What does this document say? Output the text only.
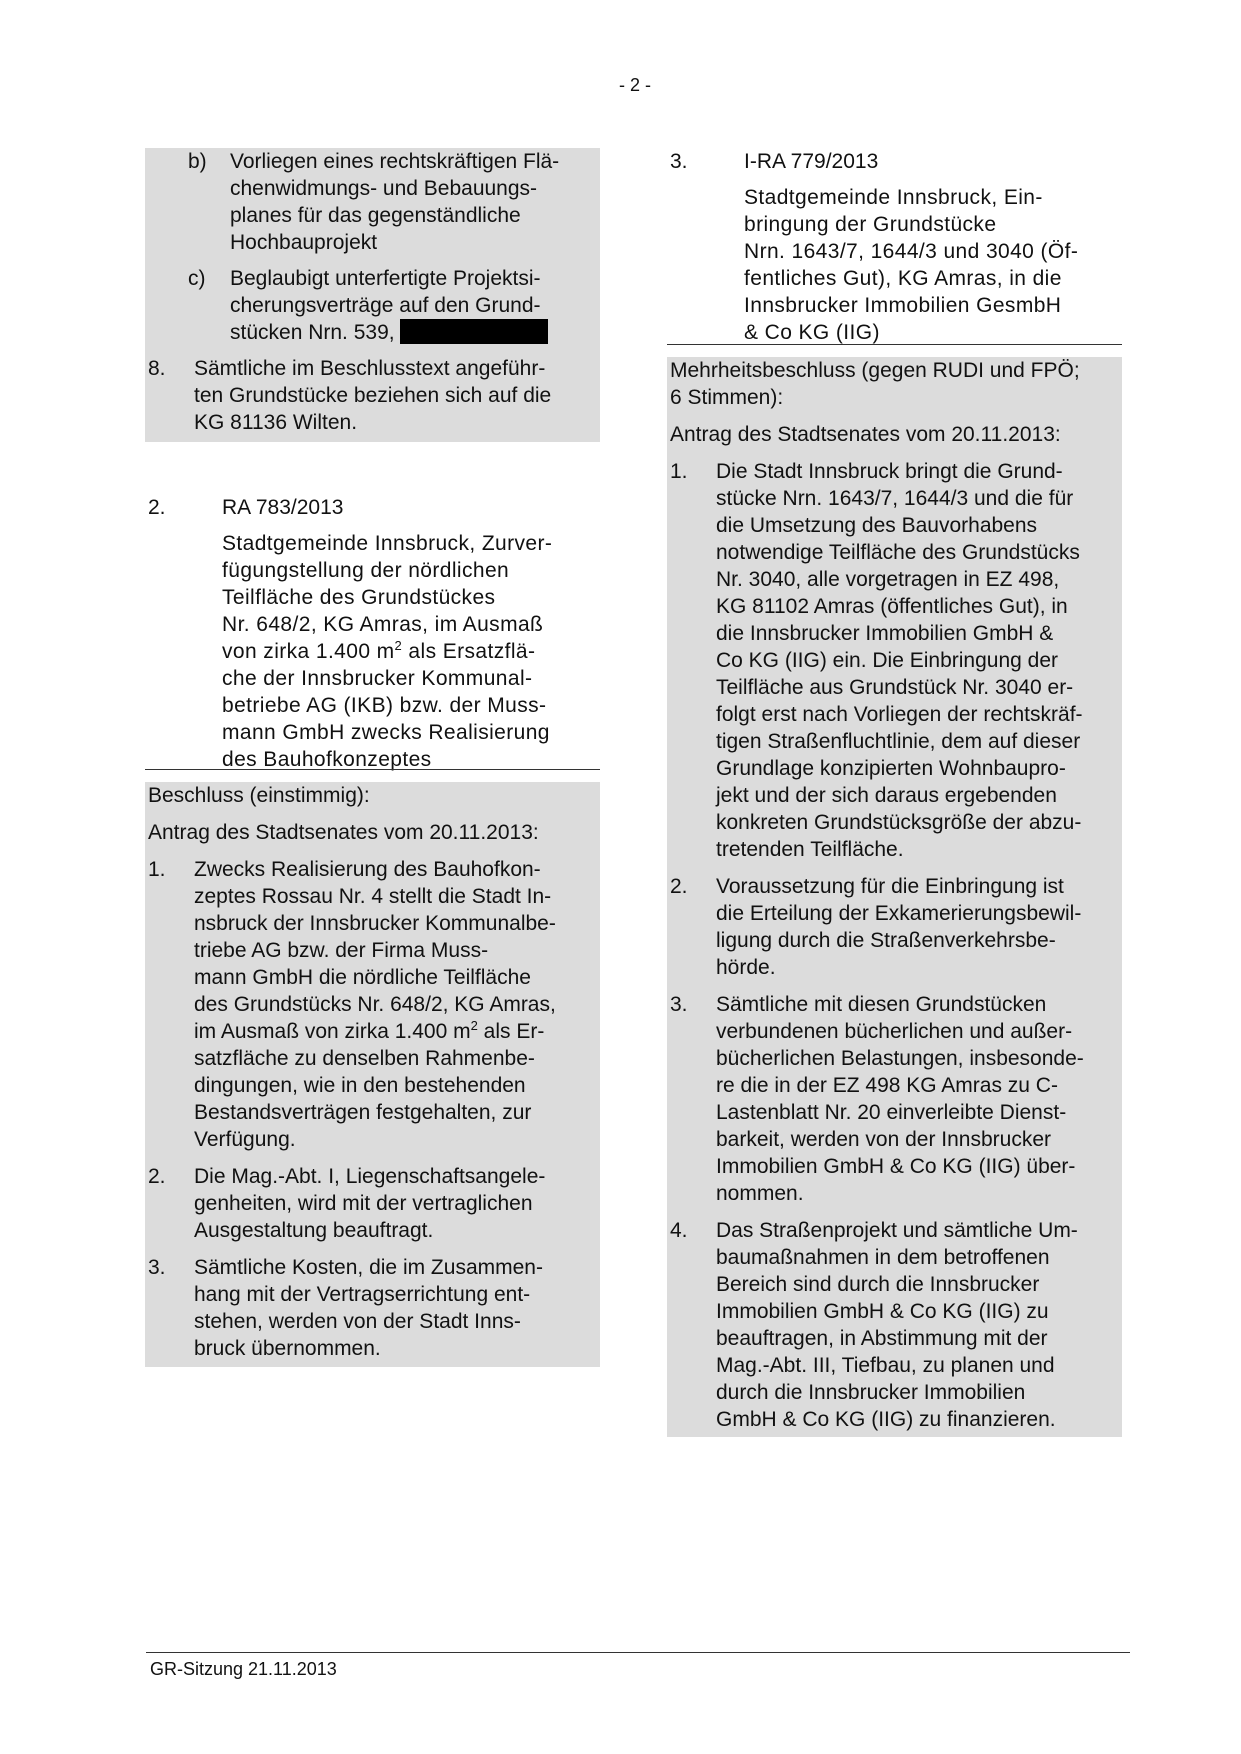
- 2 -
b) Vorliegen eines rechtskräftigen Flä-
chenwidmungs- und Bebauungs-
planes für das gegenständliche
Hochbauprojekt
c) Beglaubigt unterfertigte Projektsi-
cherungsverträge auf den Grund-
stücken Nrn. 539,
8. Sämtliche im Beschlusstext angeführ-
ten Grundstücke beziehen sich auf die
KG 81136 Wilten.
2.	RA 783/2013
Stadtgemeinde Innsbruck, Zurver-
fügungstellung der nördlichen
Teilfläche des Grundstückes
Nr. 648/2, KG Amras, im Ausmaß
von zirka 1.400 $m^2$ als Ersatzflä-
che der Innsbrucker Kommunal-
betriebe AG (IKB) bzw. der Muss-
mann GmbH zwecks Realisierung
des Bauhofkonzeptes
Beschluss (einstimmig):
Antrag des Stadtsenates vom 20.11.2013:
1. Zwecks Realisierung des Bauhofkon-
zeptes Rossau Nr. 4 stellt die Stadt In-
nsbruck der Innsbrucker Kommunalbe-
triebe AG bzw. der Firma Muss-
mann GmbH die nördliche Teilfläche
des Grundstücks Nr. 648/2, KG Amras,
im Ausmaß von zirka 1.400 $m^2$ als Er-
satzfläche zu denselben Rahmenbe-
dingungen, wie in den bestehenden
Bestandsverträgen festgehalten, zur
Verfügung.
2. Die Mag.-Abt. I, Liegenschaftsangele-
genheiten, wird mit der vertraglichen
Ausgestaltung beauftragt.
3. Sämtliche Kosten, die im Zusammen-
hang mit der Vertragserrichtung ent-
stehen, werden von der Stadt Inns-
bruck übernommen.
3.	I-RA 779/2013
Stadtgemeinde Innsbruck, Ein-
bringung der Grundstücke
Nrn. 1643/7, 1644/3 und 3040 (Öf-
fentliches Gut), KG Amras, in die
Innsbrucker Immobilien GesmbH
& Co KG (IIG)
Mehrheitsbeschluss (gegen RUDI und FPÖ;
6 Stimmen):
Antrag des Stadtsenates vom 20.11.2013:
1. Die Stadt Innsbruck bringt die Grund-
stücke Nrn. 1643/7, 1644/3 und die für
die Umsetzung des Bauvorhabens
notwendige Teilfläche des Grundstücks
Nr. 3040, alle vorgetragen in EZ 498,
KG 81102 Amras (öffentliches Gut), in
die Innsbrucker Immobilien GmbH &
Co KG (IIG) ein. Die Einbringung der
Teilfläche aus Grundstück Nr. 3040 er-
folgt erst nach Vorliegen der rechtskräf-
tigen Straßenfluchtlinie, dem auf dieser
Grundlage konzipierten Wohnbaupro-
jekt und der sich daraus ergebenden
konkreten Grundstücksgröße der abzu-
tretenden Teilfläche.
2. Voraussetzung für die Einbringung ist
die Erteilung der Exkamerierungsbewil-
ligung durch die Straßenverkehrsbe-
hörde.
3. Sämtliche mit diesen Grundstücken
verbundenen bücherlichen und außer-
bücherlichen Belastungen, insbesonde-
re die in der EZ 498 KG Amras zu C-
Lastenblatt Nr. 20 einverleibte Dienst-
barkeit, werden von der Innsbrucker
Immobilien GmbH & Co KG (IIG) über-
nommen.
4. Das Straßenprojekt und sämtliche Um-
baumaßnahmen in dem betroffenen
Bereich sind durch die Innsbrucker
Immobilien GmbH & Co KG (IIG) zu
beauftragen, in Abstimmung mit der
Mag.-Abt. III, Tiefbau, zu planen und
durch die Innsbrucker Immobilien
GmbH & Co KG (IIG) zu finanzieren.
GR-Sitzung 21.11.2013
